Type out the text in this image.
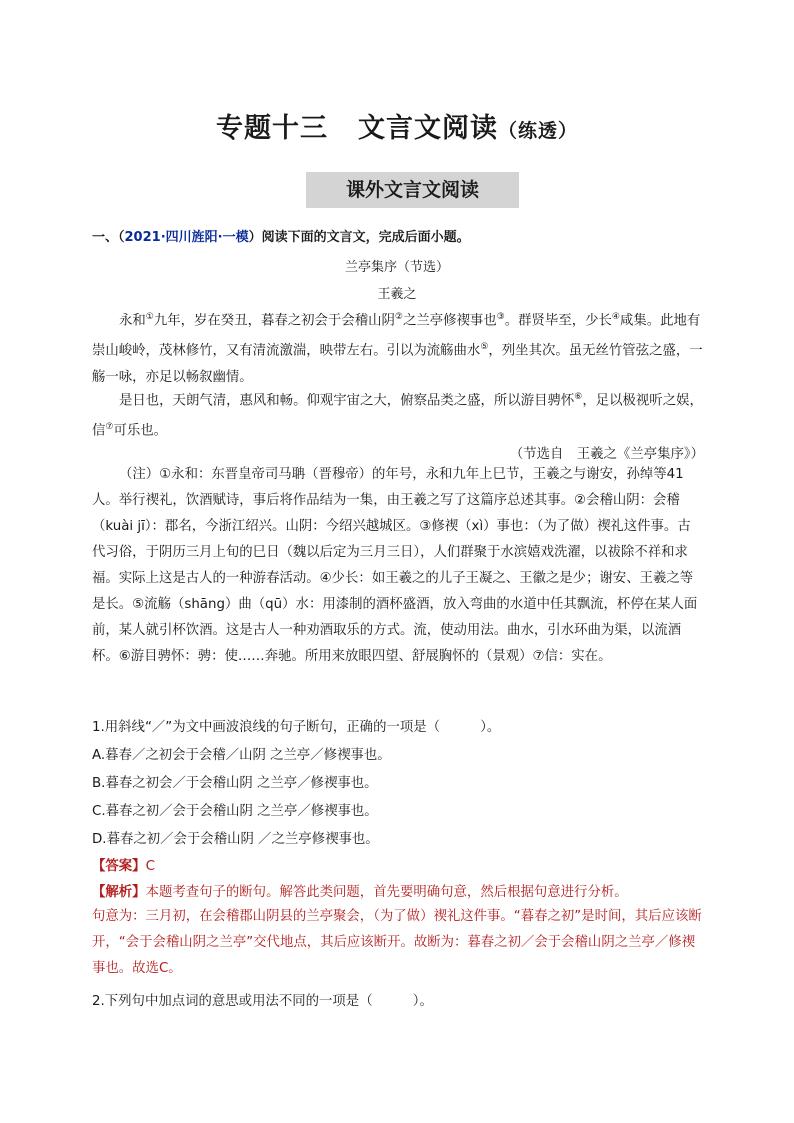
专题十三 文言文阅读（练透）
课外文言文阅读
一、（2021·四川旌阳·一模）阅读下面的文言文，完成后面小题。
兰亭集序（节选）
王羲之
永和①九年，岁在癸丑，暮春之初会于会稽山阴②之兰亭修禊事也③。群贤毕至，少长④咸集。此地有崇山峻岭，茂林修竹，又有清流激湍，映带左右。引以为流觞曲水⑤，列坐其次。虽无丝竹管弦之盛，一觞一咏，亦足以畅叙幽情。
是日也，天朗气清，惠风和畅。仰观宇宙之大，俯察品类之盛，所以游目骋怀⑥，足以极视听之娱，信⑦可乐也。
（节选自　王羲之《兰亭集序》）
（注）①永和：东晋皇帝司马聃（晋穆帝）的年号，永和九年上巳节，王羲之与谢安，孙绰等41人。举行禊礼，饮酒赋诗，事后将作品结为一集，由王羲之写了这篇序总述其事。②会稽山阴：会稽（kuài jī）：郡名，今浙江绍兴。山阴：今绍兴越城区。③修禊（xì）事也：（为了做）禊礼这件事。古代习俗，于阴历三月上旬的巳日（魏以后定为三月三日），人们群聚于水滨嬉戏洗濯，以祓除不祥和求福。实际上这是古人的一种游春活动。④少长：如王羲之的儿子王凝之、王徽之是少；谢安、王羲之等是长。⑤流觞（shāng）曲（qū）水：用漆制的酒杯盛酒，放入弯曲的水道中任其飘流，杯停在某人面前，某人就引杯饮酒。这是古人一种劝酒取乐的方式。流，使动用法。曲水，引水环曲为渠，以流酒杯。⑥游目骋怀：骋：使……奔驰。所用来放眼四望、舒展胸怀的（景观）⑦信：实在。
1.用斜线“／”为文中画波浪线的句子断句，正确的一项是（　　　）。
A.暮春／之初会于会稽／山阴 之兰亭／修禊事也。
B.暮春之初会／于会稽山阴 之兰亭／修禊事也。
C.暮春之初／会于会稽山阴 之兰亭／修禊事也。
D.暮春之初／会于会稽山阴 ／之兰亭修禊事也。
【答案】C
【解析】本题考查句子的断句。解答此类问题，首先要明确句意，然后根据句意进行分析。
句意为：三月初，在会稽郡山阴县的兰亭聚会，（为了做）禊礼这件事。“暮春之初”是时间，其后应该断开，“会于会稽山阴之兰亭”交代地点，其后应该断开。故断为：暮春之初／会于会稽山阴之兰亭／修禊事也。故选C。
2.下列句中加点词的意思或用法不同的一项是（　　　）。
